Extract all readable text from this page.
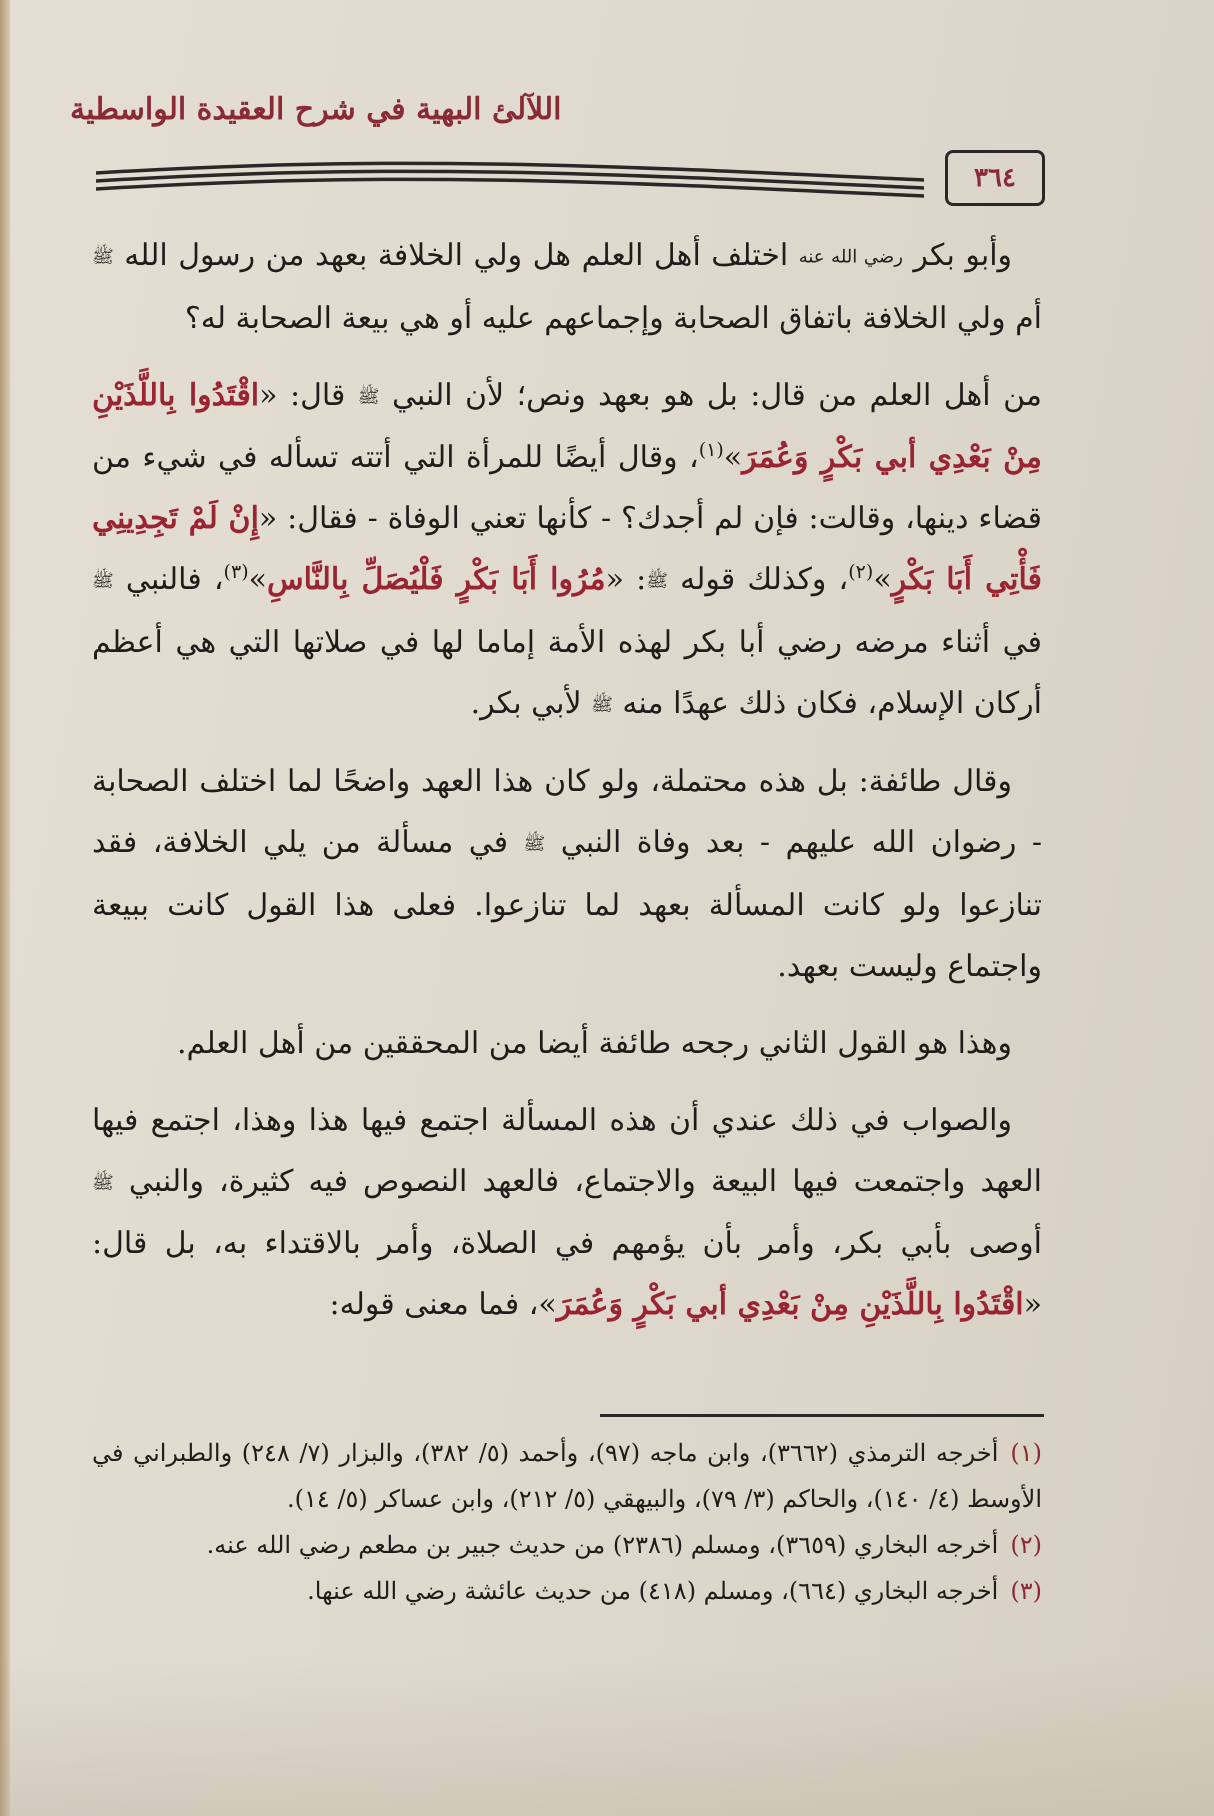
اللآلئ البهية في شرح العقيدة الواسطية
٣٦٤

وأبو بكر رضي الله عنه اختلف أهل العلم هل ولي الخلافة بعهد من رسول الله ﷺ أم ولي الخلافة باتفاق الصحابة وإجماعهم عليه أو هي بيعة الصحابة له؟

من أهل العلم من قال: بل هو بعهد ونص؛ لأن النبي ﷺ قال: «اقْتَدُوا بِاللَّذَيْنِ مِنْ بَعْدِي أبي بَكْرٍ وَعُمَرَ»$^{(١)}$، وقال أيضًا للمرأة التي أتته تسأله في شيء من قضاء دينها، وقالت: فإن لم أجدك؟ - كأنها تعني الوفاة - فقال: «إِنْ لَمْ تَجِدِينِي فَأْتِي أَبَا بَكْرٍ»$^{(٢)}$، وكذلك قوله ﷺ: «مُرُوا أَبَا بَكْرٍ فَلْيُصَلِّ بِالنَّاسِ»$^{(٣)}$، فالنبي ﷺ في أثناء مرضه رضي أبا بكر لهذه الأمة إماما لها في صلاتها التي هي أعظم أركان الإسلام، فكان ذلك عهدًا منه ﷺ لأبي بكر.

وقال طائفة: بل هذه محتملة، ولو كان هذا العهد واضحًا لما اختلف الصحابة - رضوان الله عليهم - بعد وفاة النبي ﷺ في مسألة من يلي الخلافة، فقد تنازعوا ولو كانت المسألة بعهد لما تنازعوا. فعلى هذا القول كانت ببيعة واجتماع وليست بعهد.

وهذا هو القول الثاني رجحه طائفة أيضا من المحققين من أهل العلم.

والصواب في ذلك عندي أن هذه المسألة اجتمع فيها هذا وهذا، اجتمع فيها العهد واجتمعت فيها البيعة والاجتماع، فالعهد النصوص فيه كثيرة، والنبي ﷺ أوصى بأبي بكر، وأمر بأن يؤمهم في الصلاة، وأمر بالاقتداء به، بل قال: «اقْتَدُوا بِاللَّذَيْنِ مِنْ بَعْدِي أبي بَكْرٍ وَعُمَرَ»، فما معنى قوله:

(١)أخرجه الترمذي (٣٦٦٢)، وابن ماجه (٩٧)، وأحمد (٥/ ٣٨٢)، والبزار (٧/ ٢٤٨) والطبراني في الأوسط (٤/ ١٤٠)، والحاكم (٣/ ٧٩)، والبيهقي (٥/ ٢١٢)، وابن عساكر (٥/ ١٤).

(٢)أخرجه البخاري (٣٦٥٩)، ومسلم (٢٣٨٦) من حديث جبير بن مطعم رضي الله عنه.

(٣)أخرجه البخاري (٦٦٤)، ومسلم (٤١٨) من حديث عائشة رضي الله عنها.
